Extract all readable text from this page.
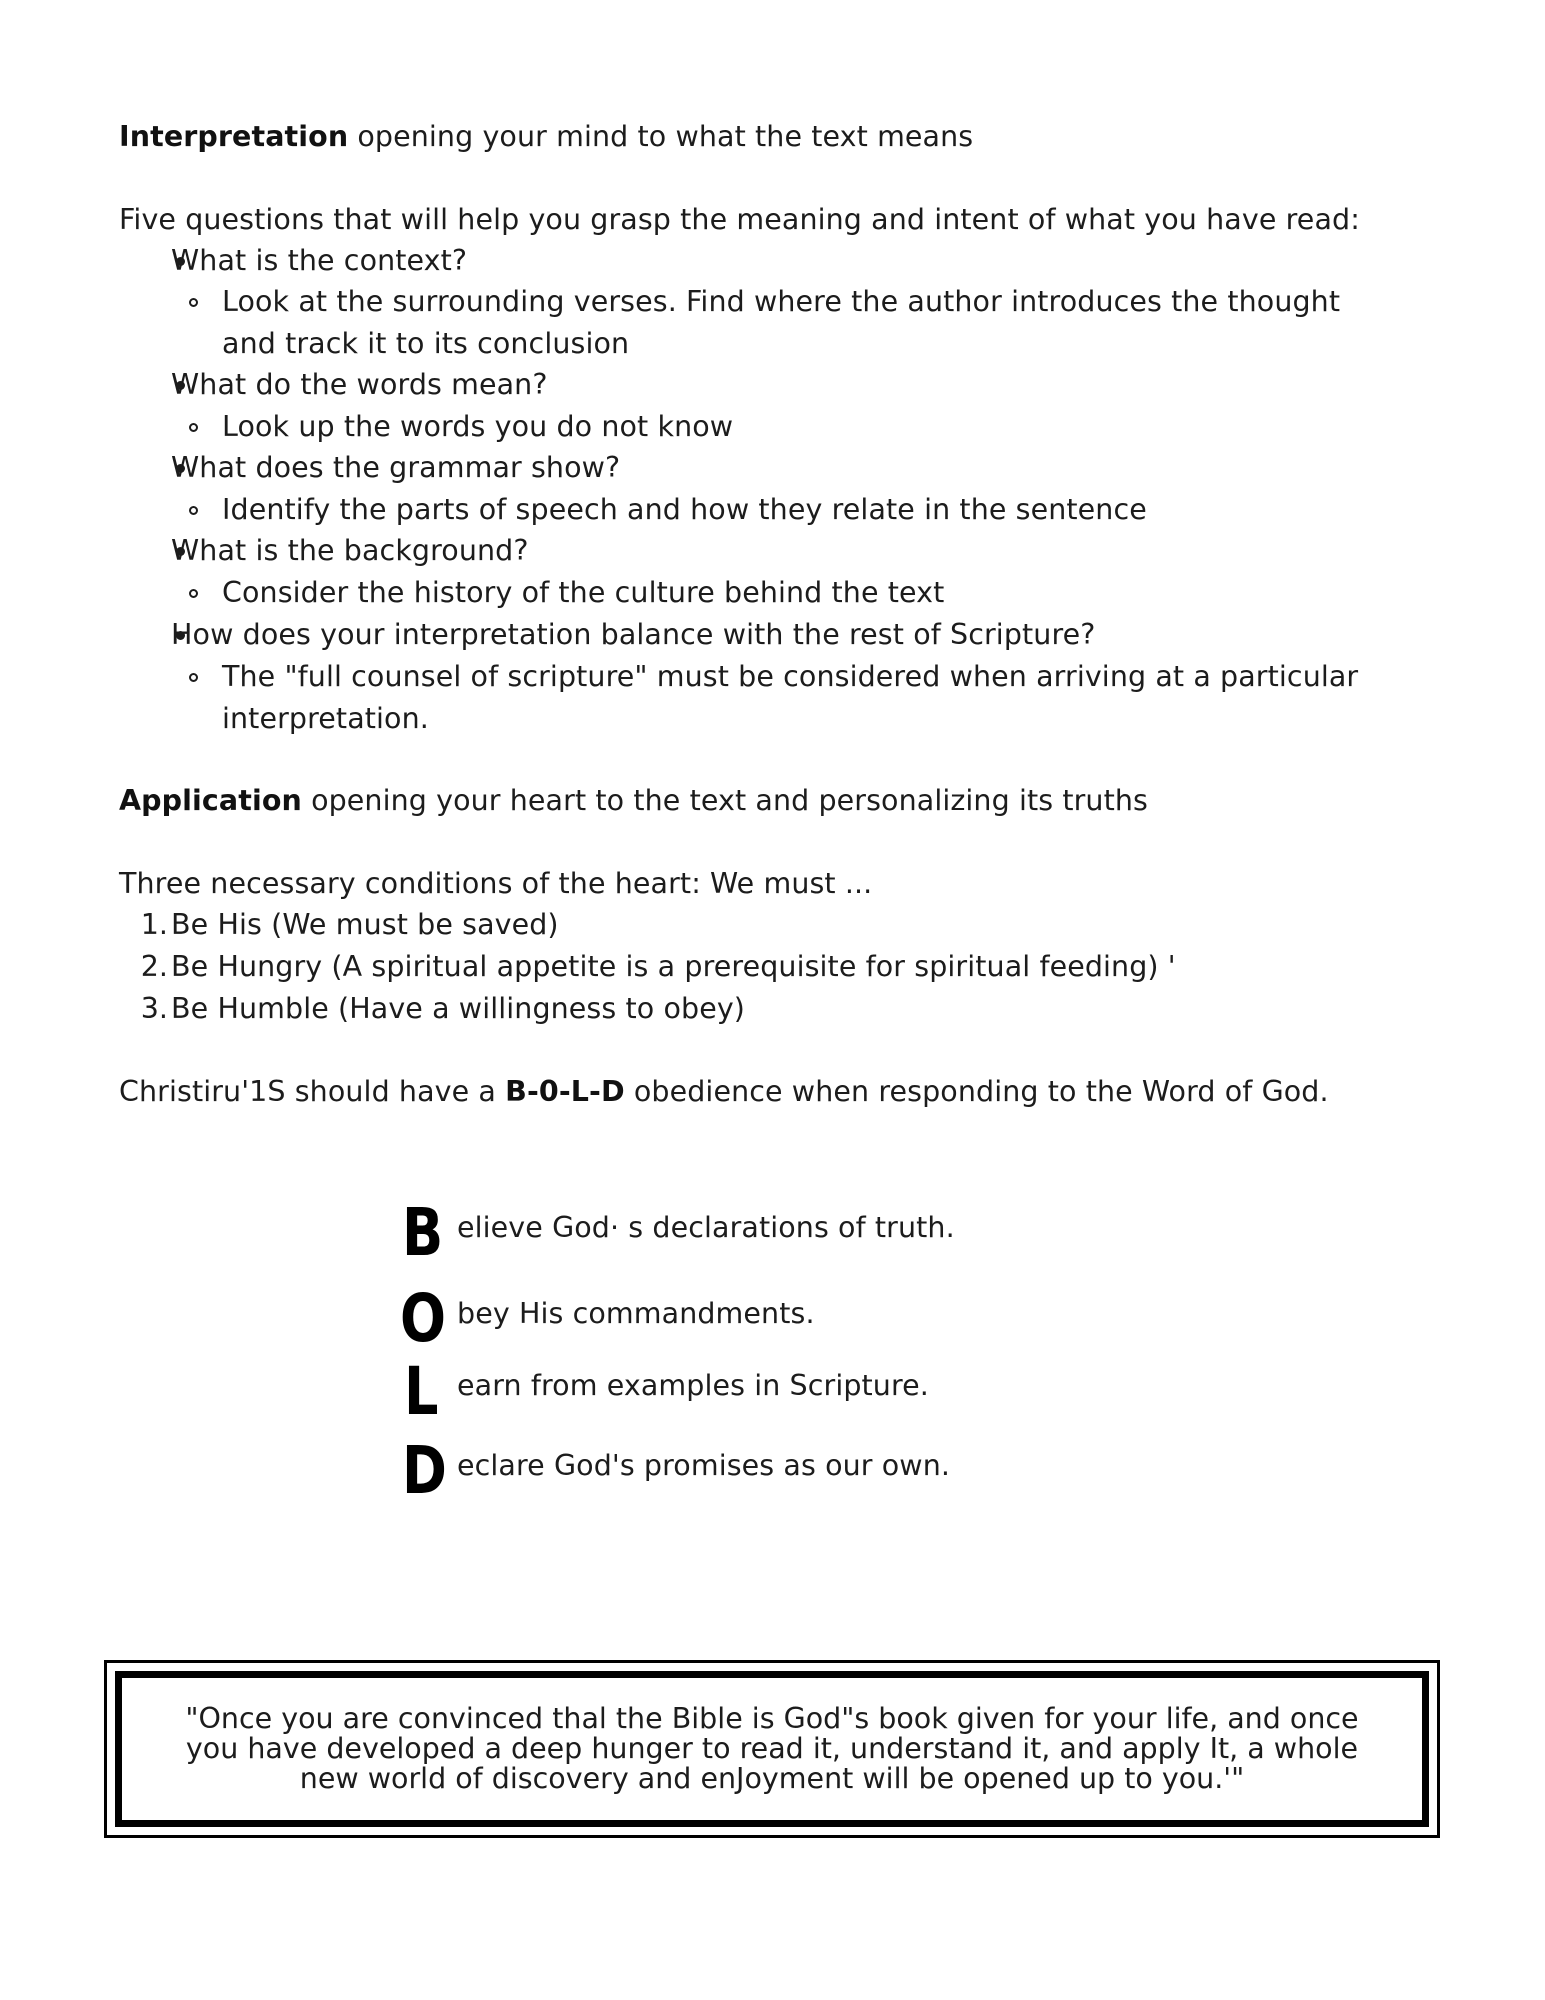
Interpretation opening your mind to what the text means
Five questions that will help you grasp the meaning and intent of what you have read:
What is the context?
Look at the surrounding verses. Find where the author introduces the thought
and track it to its conclusion
What do the words mean?
Look up the words you do not know
What does the grammar show?
Identify the parts of speech and how they relate in the sentence
What is the background?
Consider the history of the culture behind the text
How does your interpretation balance with the rest of Scripture?
The "full counsel of scripture" must be considered when arriving at a particular
interpretation.
Application opening your heart to the text and personalizing its truths
Three necessary conditions of the heart: We must ...
1. Be His (We must be saved)
2. Be Hungry (A spiritual appetite is a prerequisite for spiritual feeding) '
3. Be Humble (Have a willingness to obey)
Christiru'1S should have a B-0-L-D obedience when responding to the Word of God.
B elieve God· s declarations of truth.
O bey His commandments.
L earn from examples in Scripture.
D eclare God's promises as our own.
"Once you are convinced thal the Bible is God"s book given for your life, and once
you have developed a deep hunger to read it, understand it, and apply It, a whole
new world of discovery and enJoyment will be opened up to you.'"
